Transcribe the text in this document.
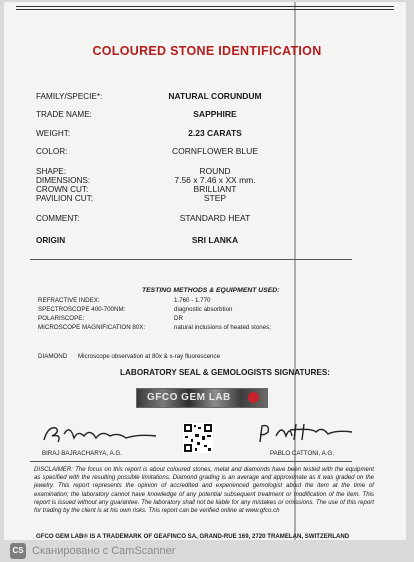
COLOURED STONE IDENTIFICATION
FAMILY/SPECIE*:	NATURAL CORUNDUM
TRADE NAME:	SAPPHIRE
WEIGHT:	2.23 CARATS
COLOR:	CORNFLOWER BLUE
SHAPE:	ROUND
DIMENSIONS:	7.56 x 7.46 x XX mm.
CROWN CUT:	BRILLIANT
PAVILION CUT:	STEP
COMMENT:	STANDARD HEAT
ORIGIN	SRI LANKA
TESTING METHODS & EQUIPMENT USED:
REFRACTIVE INDEX:	1.760 - 1.770
SPECTROSCOPE 400-700NM:	diagnostic absorbtion
POLARISCOPE:	DR
MICROSCOPE MAGNIFICATION 80X:	natural inclusions of heated stones;
DIAMOND Microscope observation at 80x & x-ray fluorescence
LABORATORY SEAL & GEMOLOGISTS SIGNATURES:
GFCO GEM LAB
BIRAJ BAJRACHARYA, A.G.	PABLO CATTONI, A.G.
DISCLAIMER: The focus on this report is about coloured stones, metal and diamonds have been tested with the equipment as specified with the resulting possible limitations. Diamond grading is an average and approximate as it was graded on the jewelry. This report represents the opinion of accredited and experienced gemologist about the item at the time of examination; the laboratory cannot have knowledge of any potential subsequent treatment or modification of the item. This report is issued without any guarantee. The laboratory shall not be liable for any mistakes or omissions. The use of this report for trading by the client is at his own risks. This report can be verified online at www.gfco.ch
GFCO GEM LAB® IS A TRADEMARK OF GEAFINCO SA, GRAND-RUE 169, 2720 TRAMELAN, SWITZERLAND
CS Сканировано с CamScanner
